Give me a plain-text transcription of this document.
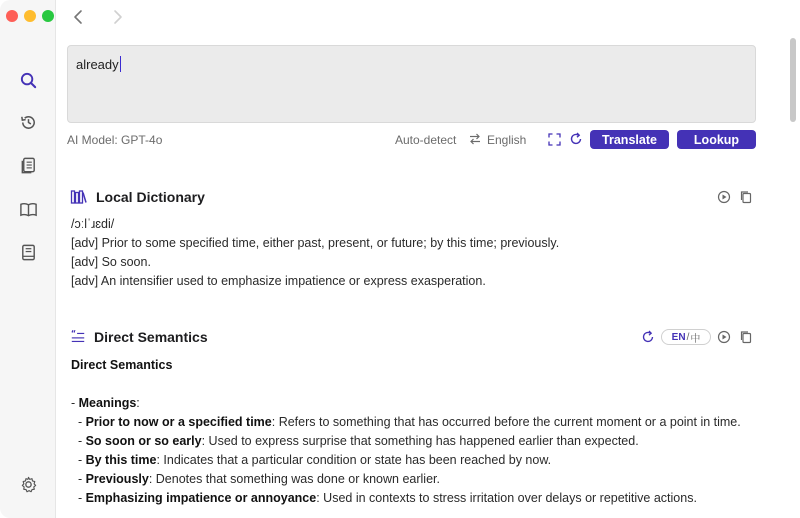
already
AI Model: GPT-4o	Auto-detect	English	Translate	Lookup
Local Dictionary

/ɔːlˈɹɛdi/

[adv] Prior to some specified time, either past, present, or future; by this time; previously.

[adv] So soon.

[adv] An intensifier used to emphasize impatience or express exasperation.

“ Direct Semantics	EN / 中

Direct Semantics

- Meanings:

- Prior to now or a specified time: Refers to something that has occurred before the current moment or a point in time.

- So soon or so early: Used to express surprise that something has happened earlier than expected.

- By this time: Indicates that a particular condition or state has been reached by now.

- Previously: Denotes that something was done or known earlier.

- Emphasizing impatience or annoyance: Used in contexts to stress irritation over delays or repetitive actions.
